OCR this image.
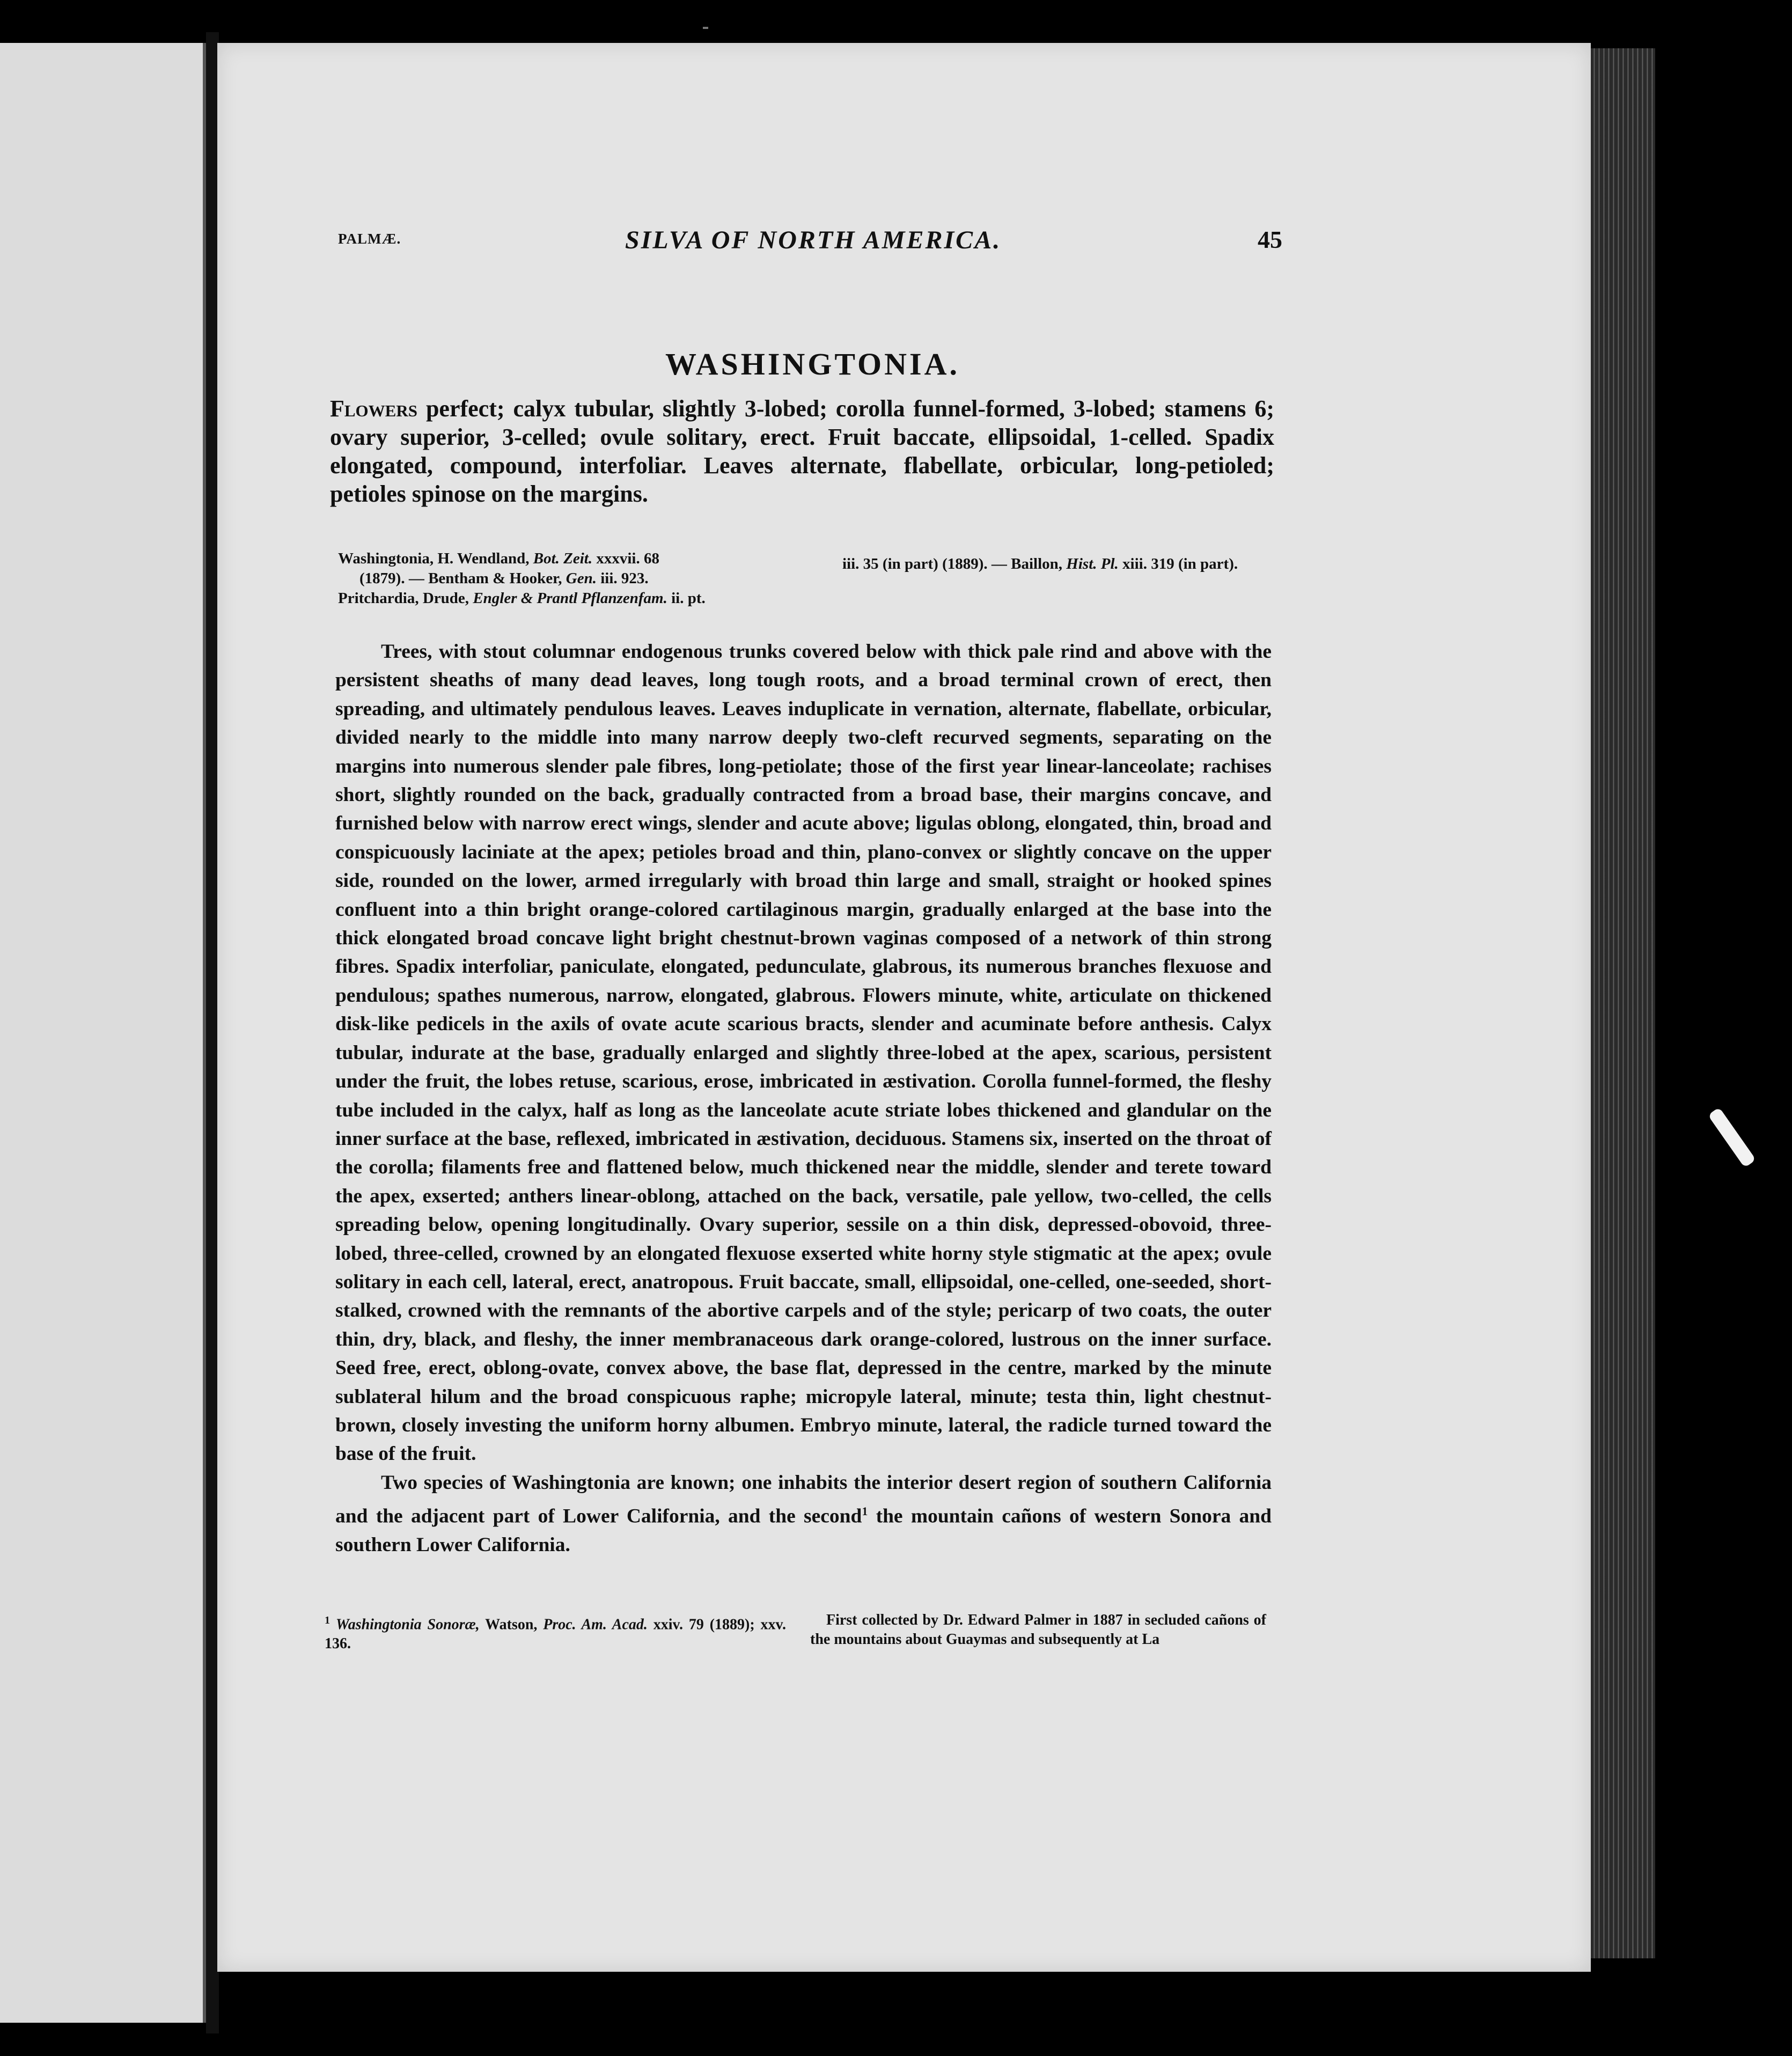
PALMÆ.	SILVA OF NORTH AMERICA.	45
WASHINGTONIA.
Flowers perfect; calyx tubular, slightly 3-lobed; corolla funnel-formed, 3-lobed; stamens 6; ovary superior, 3-celled; ovule solitary, erect. Fruit baccate, ellipsoidal, 1-celled. Spadix elongated, compound, interfoliar. Leaves alternate, flabellate, orbicular, long-petioled; petioles spinose on the margins.
Washingtonia, H. Wendland, Bot. Zeit. xxxvii. 68
(1879). — Bentham & Hooker, Gen. iii. 923.
Pritchardia, Drude, Engler & Prantl Pflanzenfam. ii. pt.
iii. 35 (in part) (1889). — Baillon, Hist. Pl. xiii. 319 (in part).

Trees, with stout columnar endogenous trunks covered below with thick pale rind and above with the persistent sheaths of many dead leaves, long tough roots, and a broad terminal crown of erect, then spreading, and ultimately pendulous leaves. Leaves induplicate in vernation, alternate, flabellate, orbicular, divided nearly to the middle into many narrow deeply two-cleft recurved segments, separating on the margins into numerous slender pale fibres, long-petiolate; those of the first year linear-lanceolate; rachises short, slightly rounded on the back, gradually contracted from a broad base, their margins concave, and furnished below with narrow erect wings, slender and acute above; ligulas oblong, elongated, thin, broad and conspicuously laciniate at the apex; petioles broad and thin, plano-convex or slightly concave on the upper side, rounded on the lower, armed irregularly with broad thin large and small, straight or hooked spines confluent into a thin bright orange-colored cartilaginous margin, gradually enlarged at the base into the thick elongated broad concave light bright chestnut-brown vaginas composed of a network of thin strong fibres. Spadix interfoliar, paniculate, elongated, pedunculate, glabrous, its numerous branches flexuose and pendulous; spathes numerous, narrow, elongated, glabrous. Flowers minute, white, articulate on thickened disk-like pedicels in the axils of ovate acute scarious bracts, slender and acuminate before anthesis. Calyx tubular, indurate at the base, gradually enlarged and slightly three-lobed at the apex, scarious, persistent under the fruit, the lobes retuse, scarious, erose, imbricated in æstivation. Corolla funnel-formed, the fleshy tube included in the calyx, half as long as the lanceolate acute striate lobes thickened and glandular on the inner surface at the base, reflexed, imbricated in æstivation, deciduous. Stamens six, inserted on the throat of the corolla; filaments free and flattened below, much thickened near the middle, slender and terete toward the apex, exserted; anthers linear-oblong, attached on the back, versatile, pale yellow, two-celled, the cells spreading below, opening longitudinally. Ovary superior, sessile on a thin disk, depressed-obovoid, three-lobed, three-celled, crowned by an elongated flexuose exserted white horny style stigmatic at the apex; ovule solitary in each cell, lateral, erect, anatropous. Fruit baccate, small, ellipsoidal, one-celled, one-seeded, short-stalked, crowned with the remnants of the abortive carpels and of the style; pericarp of two coats, the outer thin, dry, black, and fleshy, the inner membranaceous dark orange-colored, lustrous on the inner surface. Seed free, erect, oblong-ovate, convex above, the base flat, depressed in the centre, marked by the minute sublateral hilum and the broad conspicuous raphe; micropyle lateral, minute; testa thin, light chestnut-brown, closely investing the uniform horny albumen. Embryo minute, lateral, the radicle turned toward the base of the fruit.

Two species of Washingtonia are known; one inhabits the interior desert region of southern California and the adjacent part of Lower California, and the second$^1$ the mountain cañons of western Sonora and southern Lower California.

$^1$ Washingtonia Sonoræ, Watson, Proc. Am. Acad. xxiv. 79 (1889); xxv. 136.
First collected by Dr. Edward Palmer in 1887 in secluded cañons of the mountains about Guaymas and subsequently at La
